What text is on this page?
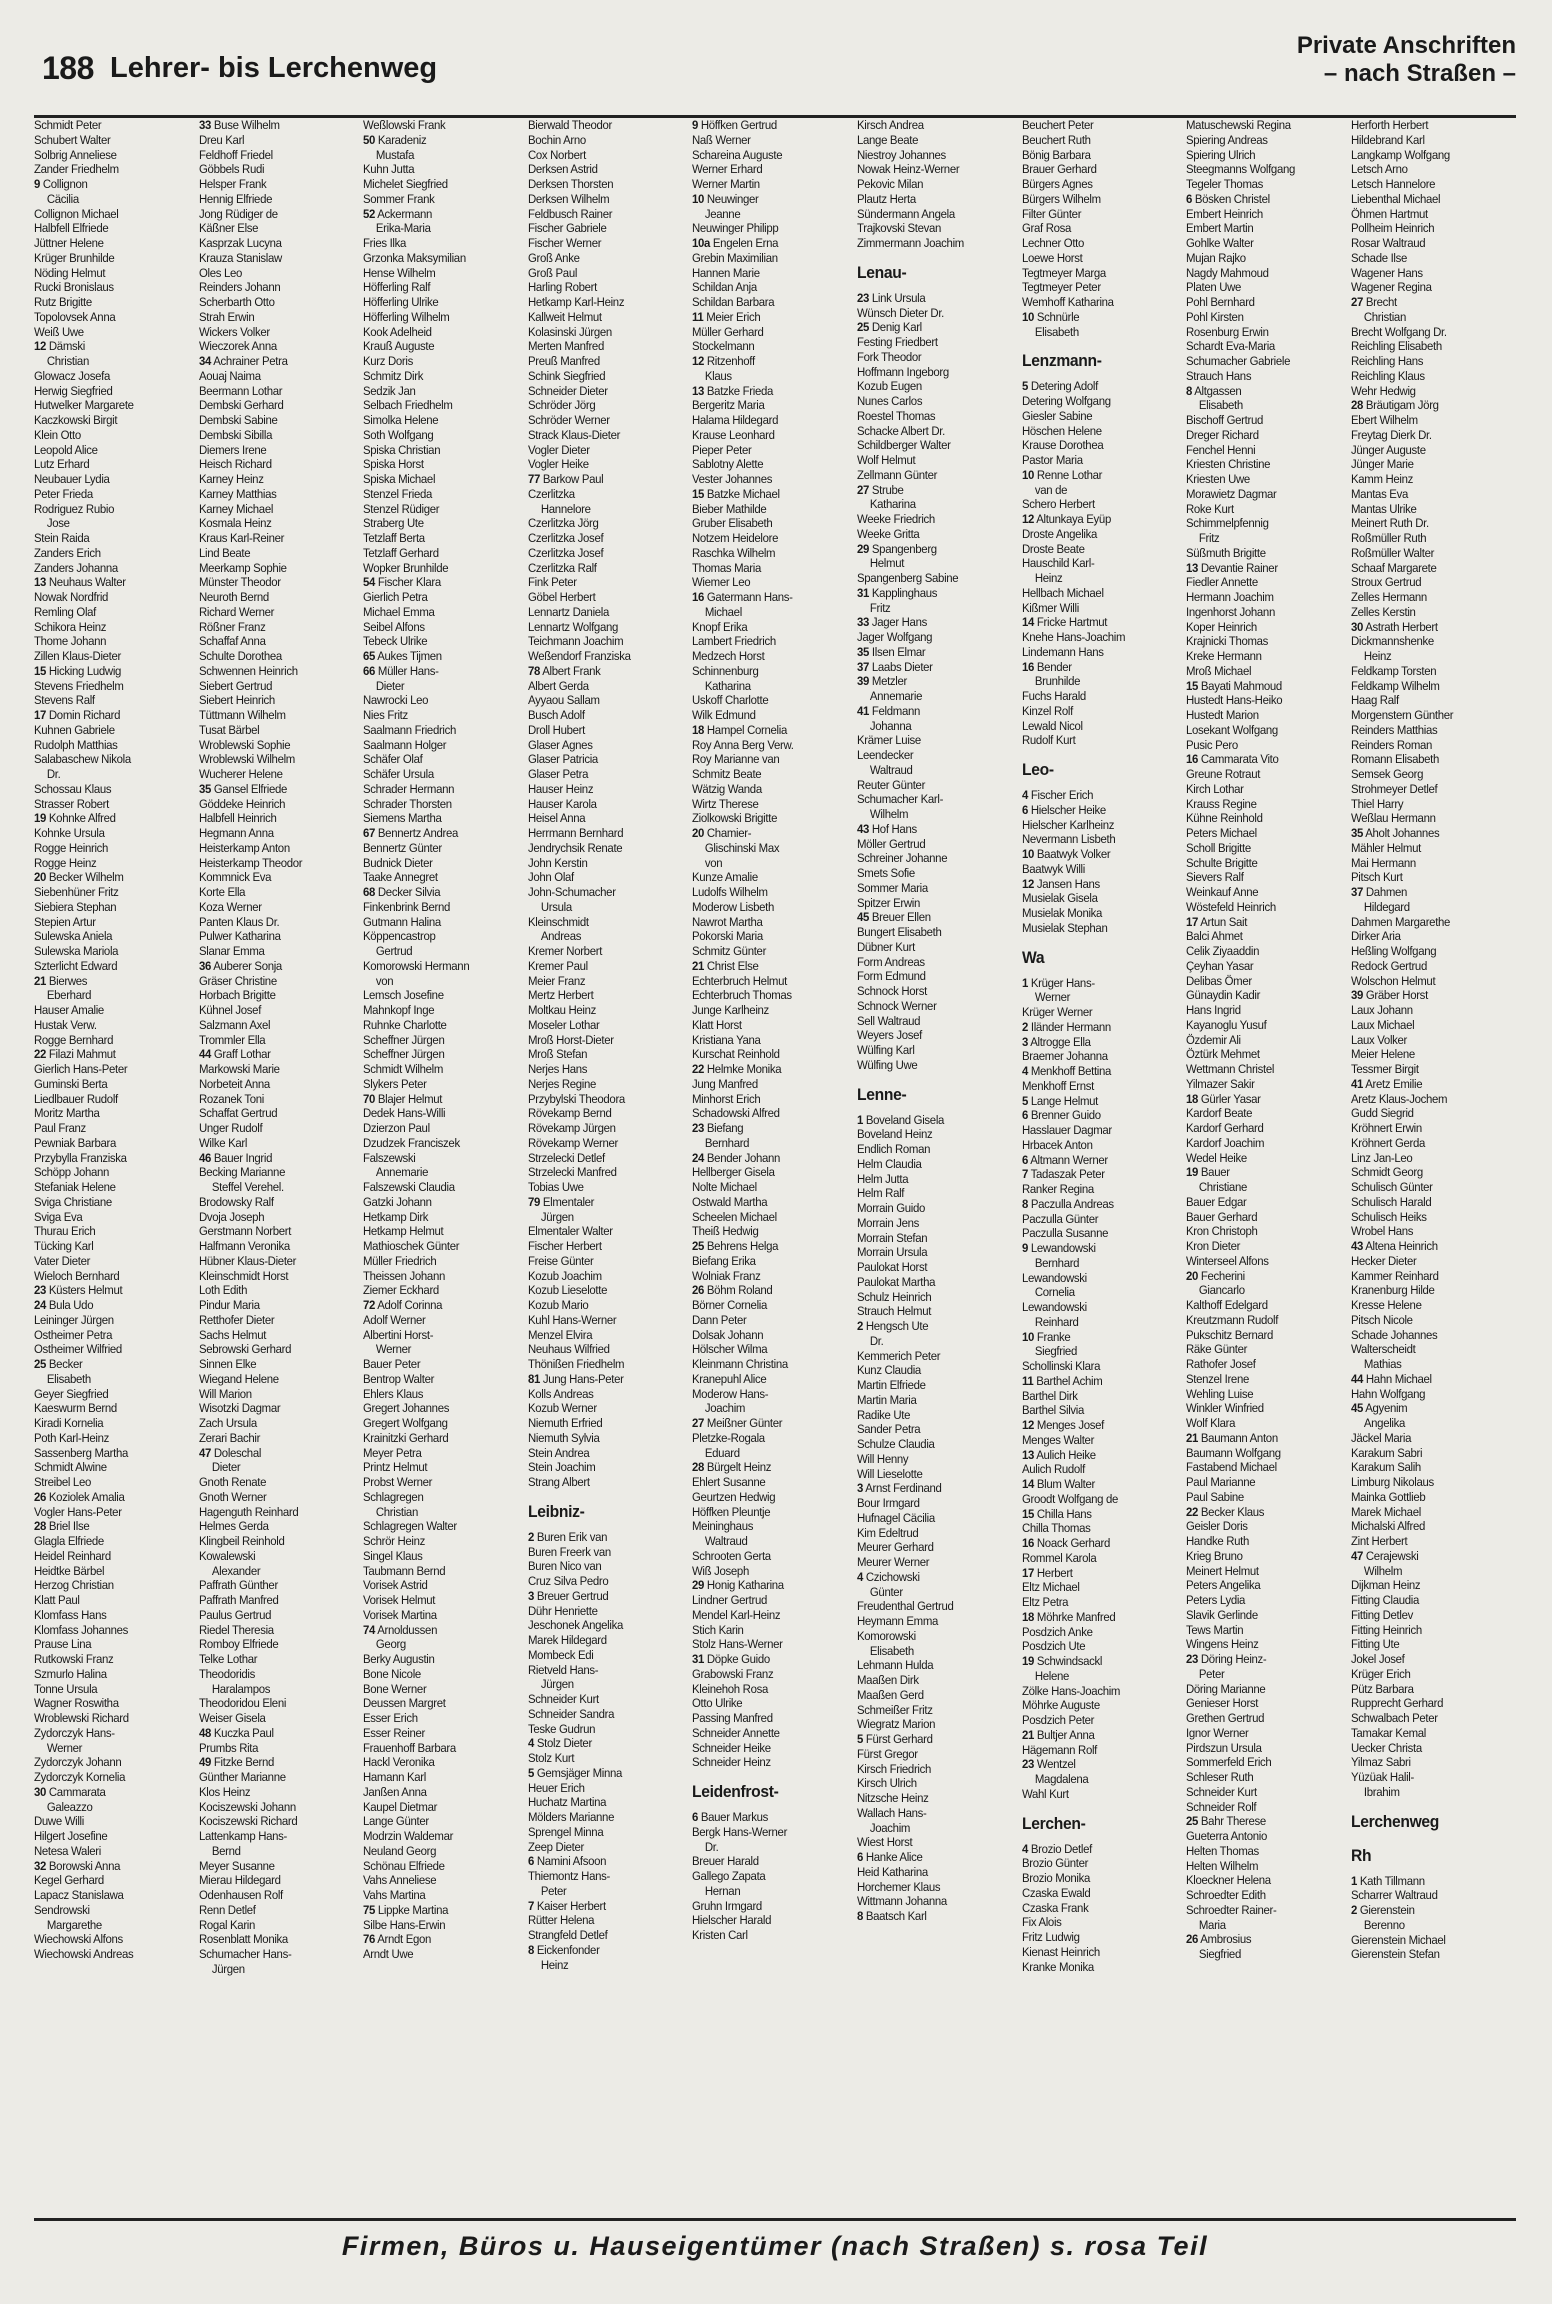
188 Lehrer- bis Lerchenweg
Private Anschriften
– nach Straßen –
Schmidt Peter
Schubert Walter
Solbrig Anneliese
Zander Friedhelm
9 Collignon
Cäcilia
Collignon Michael
Halbfell Elfriede
Jüttner Helene
Krüger Brunhilde
Nöding Helmut
Rucki Bronislaus
Rutz Brigitte
Topolovsek Anna
Weiß Uwe
12 Dämski
Christian
Glowacz Josefa
Herwig Siegfried
Hutwelker Margarete
Kaczkowski Birgit
Klein Otto
Leopold Alice
Lutz Erhard
Neubauer Lydia
Peter Frieda
Rodriguez Rubio
Jose
Stein Raida
Zanders Erich
Zanders Johanna
13 Neuhaus Walter
Nowak Nordfrid
Remling Olaf
Schikora Heinz
Thome Johann
Zillen Klaus-Dieter
15 Hicking Ludwig
Stevens Friedhelm
Stevens Ralf
17 Domin Richard
Kuhnen Gabriele
Rudolph Matthias
Salabaschew Nikola
Dr.
Schossau Klaus
Strasser Robert
19 Kohnke Alfred
Kohnke Ursula
Rogge Heinrich
Rogge Heinz
20 Becker Wilhelm
Siebenhüner Fritz
Siebiera Stephan
Stepien Artur
Sulewska Aniela
Sulewska Mariola
Szterlicht Edward
21 Bierwes
Eberhard
Hauser Amalie
Hustak Verw.
Rogge Bernhard
22 Filazi Mahmut
Gierlich Hans-Peter
Guminski Berta
Liedlbauer Rudolf
Moritz Martha
Paul Franz
Pewniak Barbara
Przybylla Franziska
Schöpp Johann
Stefaniak Helene
Sviga Christiane
Sviga Eva
Thurau Erich
Tücking Karl
Vater Dieter
Wieloch Bernhard
23 Küsters Helmut
24 Bula Udo
Leininger Jürgen
Ostheimer Petra
Ostheimer Wilfried
25 Becker
Elisabeth
Geyer Siegfried
Kaeswurm Bernd
Kiradi Kornelia
Poth Karl-Heinz
Sassenberg Martha
Schmidt Alwine
Streibel Leo
26 Koziolek Amalia
Vogler Hans-Peter
28 Briel Ilse
Glagla Elfriede
Heidel Reinhard
Heidtke Bärbel
Herzog Christian
Klatt Paul
Klomfass Hans
Klomfass Johannes
Prause Lina
Rutkowski Franz
Szmurlo Halina
Tonne Ursula
Wagner Roswitha
Wroblewski Richard
Zydorczyk Hans-
Werner
Zydorczyk Johann
Zydorczyk Kornelia
30 Cammarata
Galeazzo
Duwe Willi
Hilgert Josefine
Netesa Waleri
32 Borowski Anna
Kegel Gerhard
Lapacz Stanislawa
Sendrowski
Margarethe
Wiechowski Alfons
Wiechowski Andreas
33 Buse Wilhelm
Dreu Karl
Feldhoff Friedel
Göbbels Rudi
Helsper Frank
Hennig Elfriede
Jong Rüdiger de
Käßner Else
Kasprzak Lucyna
Krauza Stanislaw
Oles Leo
Reinders Johann
Scherbarth Otto
Strah Erwin
Wickers Volker
Wieczorek Anna
34 Achrainer Petra
Aouaj Naima
Beermann Lothar
Dembski Gerhard
Dembski Sabine
Dembski Sibilla
Diemers Irene
Heisch Richard
Karney Heinz
Karney Matthias
Karney Michael
Kosmala Heinz
Kraus Karl-Reiner
Lind Beate
Meerkamp Sophie
Münster Theodor
Neuroth Bernd
Richard Werner
Rößner Franz
Schaffaf Anna
Schulte Dorothea
Schwennen Heinrich
Siebert Gertrud
Siebert Heinrich
Tüttmann Wilhelm
Tusat Bärbel
Wroblewski Sophie
Wroblewski Wilhelm
Wucherer Helene
35 Gansel Elfriede
Göddeke Heinrich
Halbfell Heinrich
Hegmann Anna
Heisterkamp Anton
Heisterkamp Theodor
Kommnick Eva
Korte Ella
Koza Werner
Panten Klaus Dr.
Pulwer Katharina
Slanar Emma
36 Auberer Sonja
Gräser Christine
Horbach Brigitte
Kühnel Josef
Salzmann Axel
Trommler Ella
44 Graff Lothar
Markowski Marie
Norbeteit Anna
Rozanek Toni
Schaffat Gertrud
Unger Rudolf
Wilke Karl
46 Bauer Ingrid
Becking Marianne
Steffel Verehel.
Brodowsky Ralf
Dvoja Joseph
Gerstmann Norbert
Halfmann Veronika
Hübner Klaus-Dieter
Kleinschmidt Horst
Loth Edith
Pindur Maria
Retthofer Dieter
Sachs Helmut
Sebrowski Gerhard
Sinnen Elke
Wiegand Helene
Will Marion
Wisotzki Dagmar
Zach Ursula
Zerari Bachir
47 Doleschal
Dieter
Gnoth Renate
Gnoth Werner
Hagenguth Reinhard
Helmes Gerda
Klingbeil Reinhold
Kowalewski
Alexander
Paffrath Günther
Paffrath Manfred
Paulus Gertrud
Riedel Theresia
Romboy Elfriede
Telke Lothar
Theodoridis
Haralampos
Theodoridou Eleni
Weiser Gisela
48 Kuczka Paul
Prumbs Rita
49 Fitzke Bernd
Günther Marianne
Klos Heinz
Kociszewski Johann
Kociszewski Richard
Lattenkamp Hans-
Bernd
Meyer Susanne
Mierau Hildegard
Odenhausen Rolf
Renn Detlef
Rogal Karin
Rosenblatt Monika
Schumacher Hans-
Jürgen
Weßlowski Frank
50 Karadeniz
Mustafa
Kuhn Jutta
Michelet Siegfried
Sommer Frank
52 Ackermann
Erika-Maria
Fries Ilka
Grzonka Maksymilian
Hense Wilhelm
Höfferling Ralf
Höfferling Ulrike
Höfferling Wilhelm
Kook Adelheid
Krauß Auguste
Kurz Doris
Schmitz Dirk
Sedzik Jan
Selbach Friedhelm
Simolka Helene
Soth Wolfgang
Spiska Christian
Spiska Horst
Spiska Michael
Stenzel Frieda
Stenzel Rüdiger
Straberg Ute
Tetzlaff Berta
Tetzlaff Gerhard
Wopker Brunhilde
54 Fischer Klara
Gierlich Petra
Michael Emma
Seibel Alfons
Tebeck Ulrike
65 Aukes Tijmen
66 Müller Hans-
Dieter
Nawrocki Leo
Nies Fritz
Saalmann Friedrich
Saalmann Holger
Schäfer Olaf
Schäfer Ursula
Schrader Hermann
Schrader Thorsten
Siemens Martha
67 Bennertz Andrea
Bennertz Günter
Budnick Dieter
Taake Annegret
68 Decker Silvia
Finkenbrink Bernd
Gutmann Halina
Köppencastrop
Gertrud
Komorowski Hermann
von
Lemsch Josefine
Mahnkopf Inge
Ruhnke Charlotte
Scheffner Jürgen
Scheffner Jürgen
Schmidt Wilhelm
Slykers Peter
70 Blajer Helmut
Dedek Hans-Willi
Dzierzon Paul
Dzudzek Franciszek
Falszewski
Annemarie
Falszewski Claudia
Gatzki Johann
Hetkamp Dirk
Hetkamp Helmut
Mathioschek Günter
Müller Friedrich
Theissen Johann
Ziemer Eckhard
72 Adolf Corinna
Adolf Werner
Albertini Horst-
Werner
Bauer Peter
Bentrop Walter
Ehlers Klaus
Gregert Johannes
Gregert Wolfgang
Krainitzki Gerhard
Meyer Petra
Printz Helmut
Probst Werner
Schlagregen
Christian
Schlagregen Walter
Schrör Heinz
Singel Klaus
Taubmann Bernd
Vorisek Astrid
Vorisek Helmut
Vorisek Martina
74 Arnoldussen
Georg
Berky Augustin
Bone Nicole
Bone Werner
Deussen Margret
Esser Erich
Esser Reiner
Frauenhoff Barbara
Hackl Veronika
Hamann Karl
Janßen Anna
Kaupel Dietmar
Lange Günter
Modrzin Waldemar
Neuland Georg
Schönau Elfriede
Vahs Anneliese
Vahs Martina
75 Lippke Martina
Silbe Hans-Erwin
76 Arndt Egon
Arndt Uwe
Bierwald Theodor
Bochin Arno
Cox Norbert
Derksen Astrid
Derksen Thorsten
Derksen Wilhelm
Feldbusch Rainer
Fischer Gabriele
Fischer Werner
Groß Anke
Groß Paul
Harling Robert
Hetkamp Karl-Heinz
Kallweit Helmut
Kolasinski Jürgen
Merten Manfred
Preuß Manfred
Schink Siegfried
Schneider Dieter
Schröder Jörg
Schröder Werner
Strack Klaus-Dieter
Vogler Dieter
Vogler Heike
77 Barkow Paul
Czerlitzka
Hannelore
Czerlitzka Jörg
Czerlitzka Josef
Czerlitzka Josef
Czerlitzka Ralf
Fink Peter
Göbel Herbert
Lennartz Daniela
Lennartz Wolfgang
Teichmann Joachim
Weßendorf Franziska
78 Albert Frank
Albert Gerda
Ayyaou Sallam
Busch Adolf
Droll Hubert
Glaser Agnes
Glaser Patricia
Glaser Petra
Hauser Heinz
Hauser Karola
Heisel Anna
Herrmann Bernhard
Jendrychsik Renate
John Kerstin
John Olaf
John-Schumacher
Ursula
Kleinschmidt
Andreas
Kremer Norbert
Kremer Paul
Meier Franz
Mertz Herbert
Moltkau Heinz
Moseler Lothar
Mroß Horst-Dieter
Mroß Stefan
Nerjes Hans
Nerjes Regine
Przybylski Theodora
Rövekamp Bernd
Rövekamp Jürgen
Rövekamp Werner
Strzelecki Detlef
Strzelecki Manfred
Tobias Uwe
79 Elmentaler
Jürgen
Elmentaler Walter
Fischer Herbert
Freise Günter
Kozub Joachim
Kozub Lieselotte
Kozub Mario
Kuhl Hans-Werner
Menzel Elvira
Neuhaus Wilfried
Thönißen Friedhelm
81 Jung Hans-Peter
Kolls Andreas
Kozub Werner
Niemuth Erfried
Niemuth Sylvia
Stein Andrea
Stein Joachim
Strang Albert
Leibniz-
2 Buren Erik van
Buren Freerk van
Buren Nico van
Cruz Silva Pedro
3 Breuer Gertrud
Dühr Henriette
Jeschonek Angelika
Marek Hildegard
Mombeck Edi
Rietveld Hans-
Jürgen
Schneider Kurt
Schneider Sandra
Teske Gudrun
4 Stolz Dieter
Stolz Kurt
5 Gemsjäger Minna
Heuer Erich
Huchatz Martina
Mölders Marianne
Sprengel Minna
Zeep Dieter
6 Namini Afsoon
Thiemontz Hans-
Peter
7 Kaiser Herbert
Rütter Helena
Strangfeld Detlef
8 Eickenfonder
Heinz
9 Höffken Gertrud
Naß Werner
Schareina Auguste
Werner Erhard
Werner Martin
10 Neuwinger
Jeanne
Neuwinger Philipp
10a Engelen Erna
Grebin Maximilian
Hannen Marie
Schildan Anja
Schildan Barbara
11 Meier Erich
Müller Gerhard
Stockelmann
12 Ritzenhoff
Klaus
13 Batzke Frieda
Bergeritz Maria
Halama Hildegard
Krause Leonhard
Pieper Peter
Sablotny Alette
Vester Johannes
15 Batzke Michael
Bieber Mathilde
Gruber Elisabeth
Notzem Heidelore
Raschka Wilhelm
Thomas Maria
Wiemer Leo
16 Gatermann Hans-
Michael
Knopf Erika
Lambert Friedrich
Medzech Horst
Schinnenburg
Katharina
Uskoff Charlotte
Wilk Edmund
18 Hampel Cornelia
Roy Anna Berg Verw.
Roy Marianne van
Schmitz Beate
Wätzig Wanda
Wirtz Therese
Ziolkowski Brigitte
20 Chamier-
Glischinski Max
von
Kunze Amalie
Ludolfs Wilhelm
Moderow Lisbeth
Nawrot Martha
Pokorski Maria
Schmitz Günter
21 Christ Else
Echterbruch Helmut
Echterbruch Thomas
Junge Karlheinz
Klatt Horst
Kristiana Yana
Kurschat Reinhold
22 Helmke Monika
Jung Manfred
Minhorst Erich
Schadowski Alfred
23 Biefang
Bernhard
24 Bender Johann
Hellberger Gisela
Nolte Michael
Ostwald Martha
Scheelen Michael
Theiß Hedwig
25 Behrens Helga
Biefang Erika
Wolniak Franz
26 Böhm Roland
Börner Cornelia
Dann Peter
Dolsak Johann
Hölscher Wilma
Kleinmann Christina
Kranepuhl Alice
Moderow Hans-
Joachim
27 Meißner Günter
Pletzke-Rogala
Eduard
28 Bürgelt Heinz
Ehlert Susanne
Geurtzen Hedwig
Höffken Pleuntje
Meininghaus
Waltraud
Schrooten Gerta
Wiß Joseph
29 Honig Katharina
Lindner Gertrud
Mendel Karl-Heinz
Stich Karin
Stolz Hans-Werner
31 Döpke Guido
Grabowski Franz
Kleinehoh Rosa
Otto Ulrike
Passing Manfred
Schneider Annette
Schneider Heike
Schneider Heinz
Leidenfrost-
6 Bauer Markus
Bergk Hans-Werner
Dr.
Breuer Harald
Gallego Zapata
Hernan
Gruhn Irmgard
Hielscher Harald
Kristen Carl
Kirsch Andrea
Lange Beate
Niestroy Johannes
Nowak Heinz-Werner
Pekovic Milan
Plautz Herta
Sündermann Angela
Trajkovski Stevan
Zimmermann Joachim
Lenau-
23 Link Ursula
Wünsch Dieter Dr.
25 Denig Karl
Festing Friedbert
Fork Theodor
Hoffmann Ingeborg
Kozub Eugen
Nunes Carlos
Roestel Thomas
Schacke Albert Dr.
Schildberger Walter
Wolf Helmut
Zellmann Günter
27 Strube
Katharina
Weeke Friedrich
Weeke Gritta
29 Spangenberg
Helmut
Spangenberg Sabine
31 Kapplinghaus
Fritz
33 Jager Hans
Jager Wolfgang
35 Ilsen Elmar
37 Laabs Dieter
39 Metzler
Annemarie
41 Feldmann
Johanna
Krämer Luise
Leendecker
Waltraud
Reuter Günter
Schumacher Karl-
Wilhelm
43 Hof Hans
Möller Gertrud
Schreiner Johanne
Smets Sofie
Sommer Maria
Spitzer Erwin
45 Breuer Ellen
Bungert Elisabeth
Dübner Kurt
Form Andreas
Form Edmund
Schnock Horst
Schnock Werner
Sell Waltraud
Weyers Josef
Wülfing Karl
Wülfing Uwe
Lenne-
1 Boveland Gisela
Boveland Heinz
Endlich Roman
Helm Claudia
Helm Jutta
Helm Ralf
Morrain Guido
Morrain Jens
Morrain Stefan
Morrain Ursula
Paulokat Horst
Paulokat Martha
Schulz Heinrich
Strauch Helmut
2 Hengsch Ute
Dr.
Kemmerich Peter
Kunz Claudia
Martin Elfriede
Martin Maria
Radike Ute
Sander Petra
Schulze Claudia
Will Henny
Will Lieselotte
3 Arnst Ferdinand
Bour Irmgard
Hufnagel Cäcilia
Kim Edeltrud
Meurer Gerhard
Meurer Werner
4 Czichowski
Günter
Freudenthal Gertrud
Heymann Emma
Komorowski
Elisabeth
Lehmann Hulda
Maaßen Dirk
Maaßen Gerd
Schmeißer Fritz
Wiegratz Marion
5 Fürst Gerhard
Fürst Gregor
Kirsch Friedrich
Kirsch Ulrich
Nitzsche Heinz
Wallach Hans-
Joachim
Wiest Horst
6 Hanke Alice
Heid Katharina
Horchemer Klaus
Wittmann Johanna
8 Baatsch Karl
Beuchert Peter
Beuchert Ruth
Bönig Barbara
Brauer Gerhard
Bürgers Agnes
Bürgers Wilhelm
Filter Günter
Graf Rosa
Lechner Otto
Loewe Horst
Tegtmeyer Marga
Tegtmeyer Peter
Wemhoff Katharina
10 Schnürle
Elisabeth
Lenzmann-
5 Detering Adolf
Detering Wolfgang
Giesler Sabine
Höschen Helene
Krause Dorothea
Pastor Maria
10 Renne Lothar
van de
Schero Herbert
12 Altunkaya Eyüp
Droste Angelika
Droste Beate
Hauschild Karl-
Heinz
Hellbach Michael
Kißmer Willi
14 Fricke Hartmut
Knehe Hans-Joachim
Lindemann Hans
16 Bender
Brunhilde
Fuchs Harald
Kinzel Rolf
Lewald Nicol
Rudolf Kurt
Leo-
4 Fischer Erich
6 Hielscher Heike
Hielscher Karlheinz
Nevermann Lisbeth
10 Baatwyk Volker
Baatwyk Willi
12 Jansen Hans
Musielak Gisela
Musielak Monika
Musielak Stephan
Wa
1 Krüger Hans-
Werner
Krüger Werner
2 Iländer Hermann
3 Altrogge Ella
Braemer Johanna
4 Menkhoff Bettina
Menkhoff Ernst
5 Lange Helmut
6 Brenner Guido
Hasslauer Dagmar
Hrbacek Anton
6 Altmann Werner
7 Tadaszak Peter
Ranker Regina
8 Paczulla Andreas
Paczulla Günter
Paczulla Susanne
9 Lewandowski
Bernhard
Lewandowski
Cornelia
Lewandowski
Reinhard
10 Franke
Siegfried
Schollinski Klara
11 Barthel Achim
Barthel Dirk
Barthel Silvia
12 Menges Josef
Menges Walter
13 Aulich Heike
Aulich Rudolf
14 Blum Walter
Groodt Wolfgang de
15 Chilla Hans
Chilla Thomas
16 Noack Gerhard
Rommel Karola
17 Herbert
Eltz Michael
Eltz Petra
18 Möhrke Manfred
Posdzich Anke
Posdzich Ute
19 Schwindsackl
Helene
Zölke Hans-Joachim
Möhrke Auguste
Posdzich Peter
21 Bultjer Anna
Hägemann Rolf
23 Wentzel
Magdalena
Wahl Kurt
Lerchen-
4 Brozio Detlef
Brozio Günter
Brozio Monika
Czaska Ewald
Czaska Frank
Fix Alois
Fritz Ludwig
Kienast Heinrich
Kranke Monika
Matuschewski Regina
Spiering Andreas
Spiering Ulrich
Steegmanns Wolfgang
Tegeler Thomas
6 Bösken Christel
Embert Heinrich
Embert Martin
Gohlke Walter
Mujan Rajko
Nagdy Mahmoud
Platen Uwe
Pohl Bernhard
Pohl Kirsten
Rosenburg Erwin
Schardt Eva-Maria
Schumacher Gabriele
Strauch Hans
8 Altgassen
Elisabeth
Bischoff Gertrud
Dreger Richard
Fenchel Henni
Kriesten Christine
Kriesten Uwe
Morawietz Dagmar
Roke Kurt
Schimmelpfennig
Fritz
Süßmuth Brigitte
13 Devantie Rainer
Fiedler Annette
Hermann Joachim
Ingenhorst Johann
Koper Heinrich
Krajnicki Thomas
Kreke Hermann
Mroß Michael
15 Bayati Mahmoud
Hustedt Hans-Heiko
Hustedt Marion
Losekant Wolfgang
Pusic Pero
16 Cammarata Vito
Greune Rotraut
Kirch Lothar
Krauss Regine
Kühne Reinhold
Peters Michael
Scholl Brigitte
Schulte Brigitte
Sievers Ralf
Weinkauf Anne
Wöstefeld Heinrich
17 Artun Sait
Balci Ahmet
Celik Ziyaaddin
Çeyhan Yasar
Delibas Ömer
Günaydin Kadir
Hans Ingrid
Kayanoglu Yusuf
Özdemir Ali
Öztürk Mehmet
Wettmann Christel
Yilmazer Sakir
18 Gürler Yasar
Kardorf Beate
Kardorf Gerhard
Kardorf Joachim
Wedel Heike
19 Bauer
Christiane
Bauer Edgar
Bauer Gerhard
Kron Christoph
Kron Dieter
Winterseel Alfons
20 Fecherini
Giancarlo
Kalthoff Edelgard
Kreutzmann Rudolf
Pukschitz Bernard
Räke Günter
Rathofer Josef
Stenzel Irene
Wehling Luise
Winkler Winfried
Wolf Klara
21 Baumann Anton
Baumann Wolfgang
Fastabend Michael
Paul Marianne
Paul Sabine
22 Becker Klaus
Geisler Doris
Handke Ruth
Krieg Bruno
Meinert Helmut
Peters Angelika
Peters Lydia
Slavik Gerlinde
Tews Martin
Wingens Heinz
23 Döring Heinz-
Peter
Döring Marianne
Genieser Horst
Grethen Gertrud
Ignor Werner
Pirdszun Ursula
Sommerfeld Erich
Schleser Ruth
Schneider Kurt
Schneider Rolf
25 Bahr Therese
Gueterra Antonio
Helten Thomas
Helten Wilhelm
Kloeckner Helena
Schroedter Edith
Schroedter Rainer-
Maria
26 Ambrosius
Siegfried
Herforth Herbert
Hildebrand Karl
Langkamp Wolfgang
Letsch Arno
Letsch Hannelore
Liebenthal Michael
Öhmen Hartmut
Pollheim Heinrich
Rosar Waltraud
Schade Ilse
Wagener Hans
Wagener Regina
27 Brecht
Christian
Brecht Wolfgang Dr.
Reichling Elisabeth
Reichling Hans
Reichling Klaus
Wehr Hedwig
28 Bräutigam Jörg
Ebert Wilhelm
Freytag Dierk Dr.
Jünger Auguste
Jünger Marie
Kamm Heinz
Mantas Eva
Mantas Ulrike
Meinert Ruth Dr.
Roßmüller Ruth
Roßmüller Walter
Schaaf Margarete
Stroux Gertrud
Zelles Hermann
Zelles Kerstin
30 Astrath Herbert
Dickmannshenke
Heinz
Feldkamp Torsten
Feldkamp Wilhelm
Haag Ralf
Morgenstern Günther
Reinders Matthias
Reinders Roman
Romann Elisabeth
Semsek Georg
Strohmeyer Detlef
Thiel Harry
Weßlau Hermann
35 Aholt Johannes
Mähler Helmut
Mai Hermann
Pitsch Kurt
37 Dahmen
Hildegard
Dahmen Margarethe
Dirker Aria
Heßling Wolfgang
Redock Gertrud
Wolschon Helmut
39 Gräber Horst
Laux Johann
Laux Michael
Laux Volker
Meier Helene
Tessmer Birgit
41 Aretz Emilie
Aretz Klaus-Jochem
Gudd Siegrid
Kröhnert Erwin
Kröhnert Gerda
Linz Jan-Leo
Schmidt Georg
Schulisch Günter
Schulisch Harald
Schulisch Heiks
Wrobel Hans
43 Altena Heinrich
Hecker Dieter
Kammer Reinhard
Kranenburg Hilde
Kresse Helene
Pitsch Nicole
Schade Johannes
Walterscheidt
Mathias
44 Hahn Michael
Hahn Wolfgang
45 Agyenim
Angelika
Jäckel Maria
Karakum Sabri
Karakum Salih
Limburg Nikolaus
Mainka Gottlieb
Marek Michael
Michalski Alfred
Zint Herbert
47 Cerajewski
Wilhelm
Dijkman Heinz
Fitting Claudia
Fitting Detlev
Fitting Heinrich
Fitting Ute
Jokel Josef
Krüger Erich
Pütz Barbara
Rupprecht Gerhard
Schwalbach Peter
Tamakar Kemal
Uecker Christa
Yilmaz Sabri
Yüzüak Halil-
Ibrahim
Lerchenweg
Rh
1 Kath Tillmann
Scharrer Waltraud
2 Gierenstein
Berenno
Gierenstein Michael
Gierenstein Stefan
Firmen, Büros u. Hauseigentümer (nach Straßen) s. rosa Teil
